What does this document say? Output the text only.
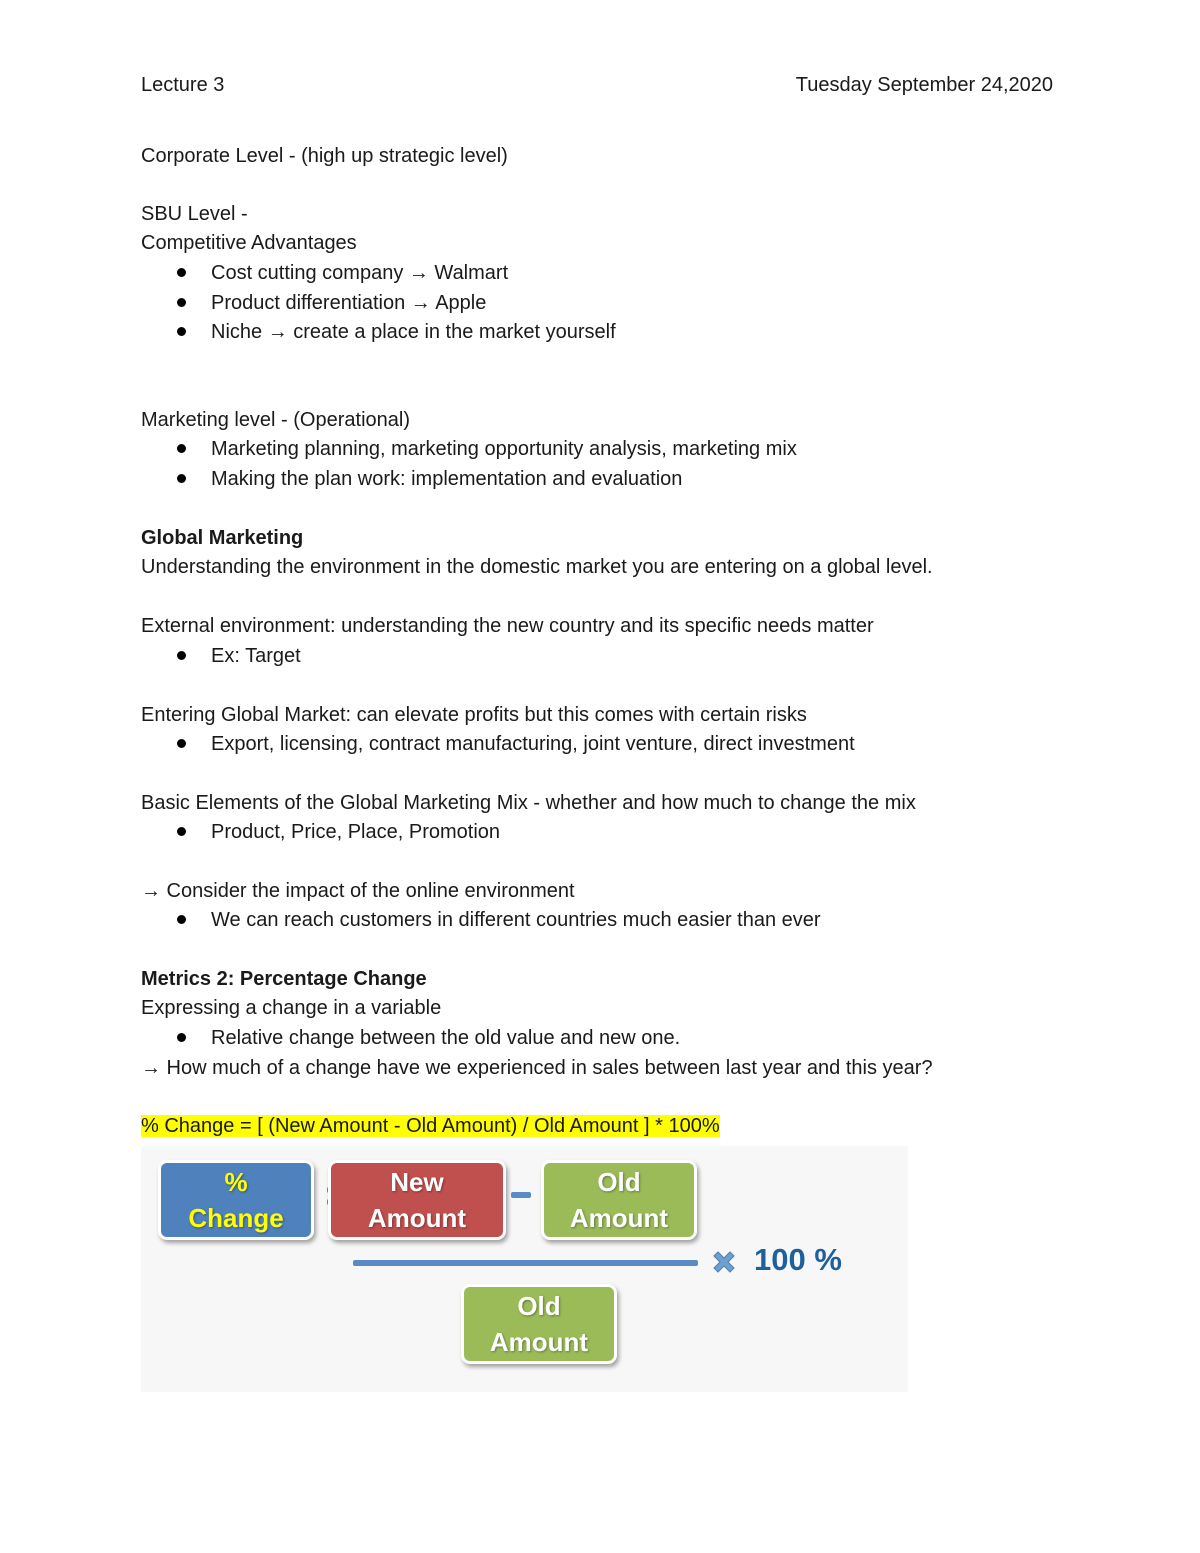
Lecture 3	Tuesday September 24,2020
Corporate Level - (high up strategic level)
SBU Level -
Competitive Advantages
Cost cutting company → Walmart
Product differentiation → Apple
Niche → create a place in the market yourself
Marketing level - (Operational)
Marketing planning, marketing opportunity analysis, marketing mix
Making the plan work: implementation and evaluation
Global Marketing
Understanding the environment in the domestic market you are entering on a global level.
External environment: understanding the new country and its specific needs matter
Ex: Target
Entering Global Market: can elevate profits but this comes with certain risks
Export, licensing, contract manufacturing, joint venture, direct investment
Basic Elements of the Global Marketing Mix - whether and how much to change the mix
Product, Price, Place, Promotion
→ Consider the impact of the online environment
We can reach customers in different countries much easier than ever
Metrics 2: Percentage Change
Expressing a change in a variable
Relative change between the old value and new one.
→ How much of a change have we experienced in sales between last year and this year?
% Change = [ (New Amount - Old Amount) / Old Amount ] * 100%
%
Change
New
Amount
Old
Amount
100 %
Old
Amount
